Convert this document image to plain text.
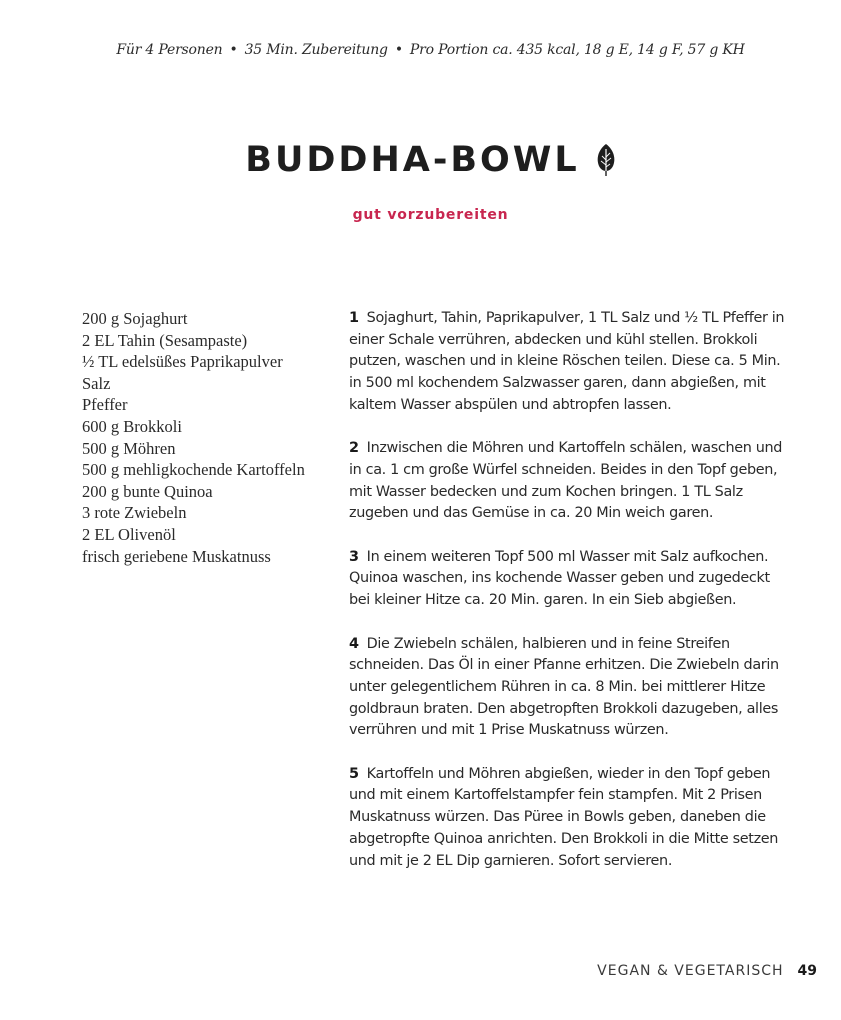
Für 4 Personen • 35 Min. Zubereitung • Pro Portion ca. 435 kcal, 18 g E, 14 g F, 57 g KH
BUDDHA-BOWL
gut vorzubereiten
200 g Sojaghurt
2 EL Tahin (Sesampaste)
½ TL edelsüßes Paprikapulver
Salz
Pfeffer
600 g Brokkoli
500 g Möhren
500 g mehligkochende Kartoffeln
200 g bunte Quinoa
3 rote Zwiebeln
2 EL Olivenöl
frisch geriebene Muskatnuss

1 Sojaghurt, Tahin, Paprikapulver, 1 TL Salz und ½ TL Pfeffer in einer Schale verrühren, abdecken und kühl stellen. Brokkoli putzen, waschen und in kleine Röschen teilen. Diese ca. 5 Min. in 500 ml kochendem Salzwasser garen, dann abgießen, mit kaltem Wasser abspülen und abtropfen lassen.

2 Inzwischen die Möhren und Kartoffeln schälen, waschen und in ca. 1 cm große Würfel schneiden. Beides in den Topf geben, mit Wasser bedecken und zum Kochen bringen. 1 TL Salz zugeben und das Gemüse in ca. 20 Min weich garen.

3 In einem weiteren Topf 500 ml Wasser mit Salz aufkochen. Quinoa waschen, ins kochende Wasser geben und zugedeckt bei kleiner Hitze ca. 20 Min. garen. In ein Sieb abgießen.

4 Die Zwiebeln schälen, halbieren und in feine Streifen schneiden. Das Öl in einer Pfanne erhitzen. Die Zwiebeln darin unter gelegentlichem Rühren in ca. 8 Min. bei mittlerer Hitze goldbraun braten. Den abgetropften Brokkoli dazugeben, alles verrühren und mit 1 Prise Muskatnuss würzen.

5 Kartoffeln und Möhren abgießen, wieder in den Topf geben und mit einem Kartoffelstampfer fein stampfen. Mit 2 Prisen Muskatnuss würzen. Das Püree in Bowls geben, daneben die abgetropfte Quinoa anrichten. Den Brokkoli in die Mitte setzen und mit je 2 EL Dip garnieren. Sofort servieren.

VEGAN & VEGETARISCH 49
